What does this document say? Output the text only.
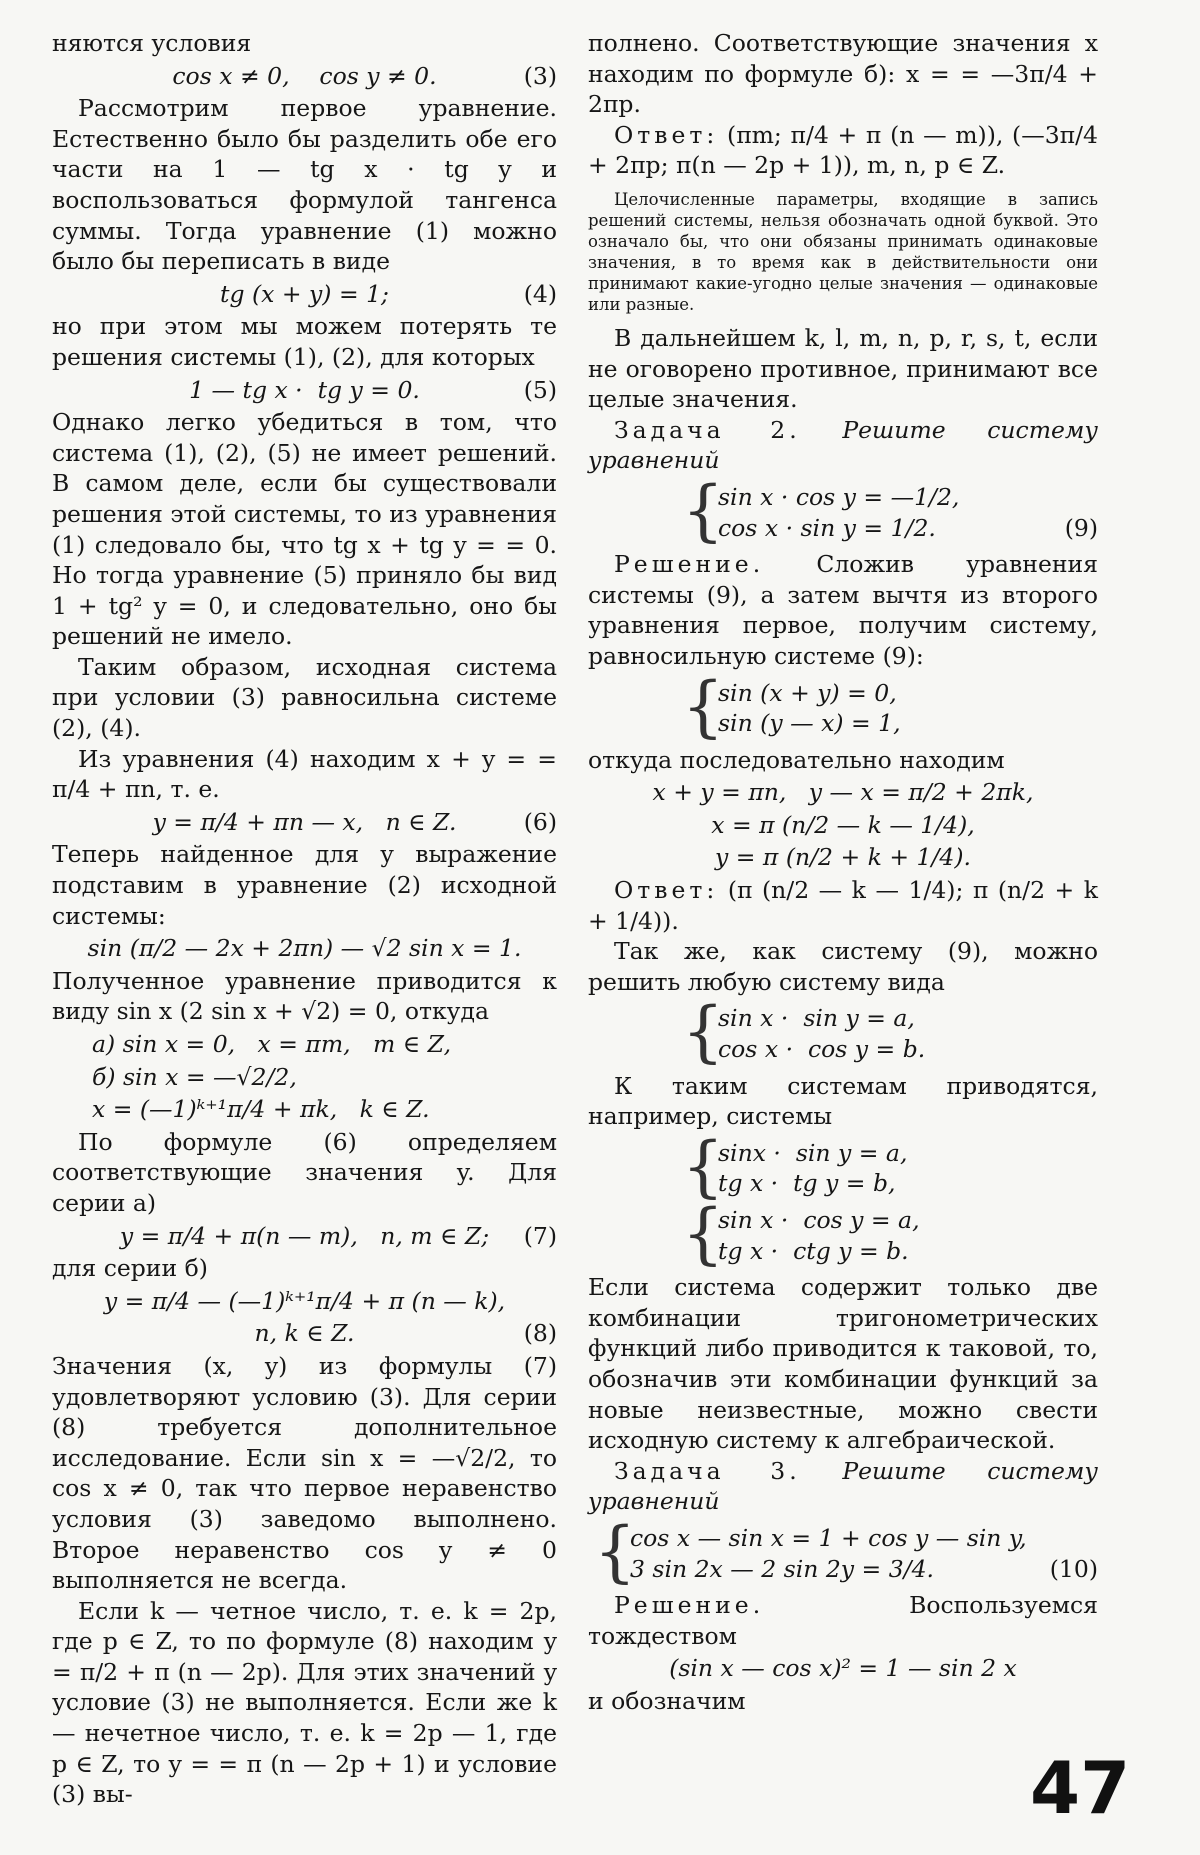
няются условия

cos x ≠ 0,    cos y ≠ 0.	(3)

Рассмотрим первое уравнение. Естественно было бы разделить обе его части на 1 — tg x · tg y и воспользоваться формулой тангенса суммы. Тогда уравнение (1) можно было бы переписать в виде

tg (x + y) = 1;	(4)

но при этом мы можем потерять те решения системы (1), (2), для которых

1 — tg x ·  tg y = 0.	(5)

Однако легко убедиться в том, что система (1), (2), (5) не имеет решений. В самом деле, если бы существовали решения этой системы, то из уравнения (1) следовало бы, что tg x + tg y = = 0. Но тогда уравнение (5) приняло бы вид 1 + tg² y = 0, и следовательно, оно бы решений не имело.

Таким образом, исходная система при условии (3) равносильна системе (2), (4).

Из уравнения (4) находим x + y = = π/4 + πn, т. е.

y = π/4 + πn — x,   n ∈ Z.	(6)

Теперь найденное для y выражение подставим в уравнение (2) исходной системы:

sin (π/2 — 2x + 2πn) — √2 sin x = 1.

Полученное уравнение приводится к виду sin x (2 sin x + √2) = 0, откуда

a) sin x = 0,   x = πm,   m ∈ Z,
б) sin x = —√2/2,
x = (—1)ᵏ⁺¹π/4 + πk,   k ∈ Z.

По формуле (6) определяем соответствующие значения y. Для серии а)

y = π/4 + π(n — m),   n, m ∈ Z; (7)

для серии б)

y = π/4 — (—1)ᵏ⁺¹π/4 + π (n — k),
n, k ∈ Z.	(8)

Значения (x, y) из формулы (7) удовлетворяют условию (3). Для серии (8) требуется дополнительное исследование. Если sin x = —√2/2, то cos x ≠ 0, так что первое неравенство условия (3) заведомо выполнено. Второе неравенство cos y ≠ 0 выполняется не всегда.

Если k — четное число, т. е. k = 2p, где p ∈ Z, то по формуле (8) находим y = π/2 + π (n — 2p). Для этих значений y условие (3) не выполняется. Если же k — нечетное число, т. е. k = 2p — 1, где p ∈ Z, то y = = π (n — 2p + 1) и условие (3) вы-

полнено. Соответствующие значения x находим по формуле б): x = = —3π/4 + 2πp.

Ответ: (πm; π/4 + π (n — m)), (—3π/4 + 2πp; π(n — 2p + 1)), m, n, p ∈ Z.

Целочисленные параметры, входящие в запись решений системы, нельзя обозначать одной буквой. Это означало бы, что они обязаны принимать одинаковые значения, в то время как в действительности они принимают какие-угодно целые значения — одинаковые или разные.

В дальнейшем k, l, m, n, p, r, s, t, если не оговорено противное, принимают все целые значения.

Задача 2. Решите систему уравнений

{
sin x · cos y = —1/2,
cos x · sin y = 1/2.	(9)

Решение. Сложив уравнения системы (9), а затем вычтя из второго уравнения первое, получим систему, равносильную системе (9):

{
sin (x + y) = 0,
sin (y — x) = 1,

откуда последовательно находим

x + y = πn,   y — x = π/2 + 2πk,
x = π (n/2 — k — 1/4),
y = π (n/2 + k + 1/4).

Ответ: (π (n/2 — k — 1/4); π (n/2 + k + 1/4)).

Так же, как систему (9), можно решить любую систему вида

{
sin x ·  sin y = a,
cos x ·  cos y = b.

К таким системам приводятся, например, системы

{
sinx ·  sin y = a,
tg x ·  tg y = b,
{
sin x ·  cos y = a,
tg x ·  ctg y = b.

Если система содержит только две комбинации тригонометрических функций либо приводится к таковой, то, обозначив эти комбинации функций за новые неизвестные, можно свести исходную систему к алгебраической.

Задача 3. Решите систему уравнений

{
cos x — sin x = 1 + cos y — sin y,
3 sin 2x — 2 sin 2y = 3/4.	(10)

Решение. Воспользуемся тождеством

(sin x — cos x)² = 1 — sin 2 x

и обозначим

47
